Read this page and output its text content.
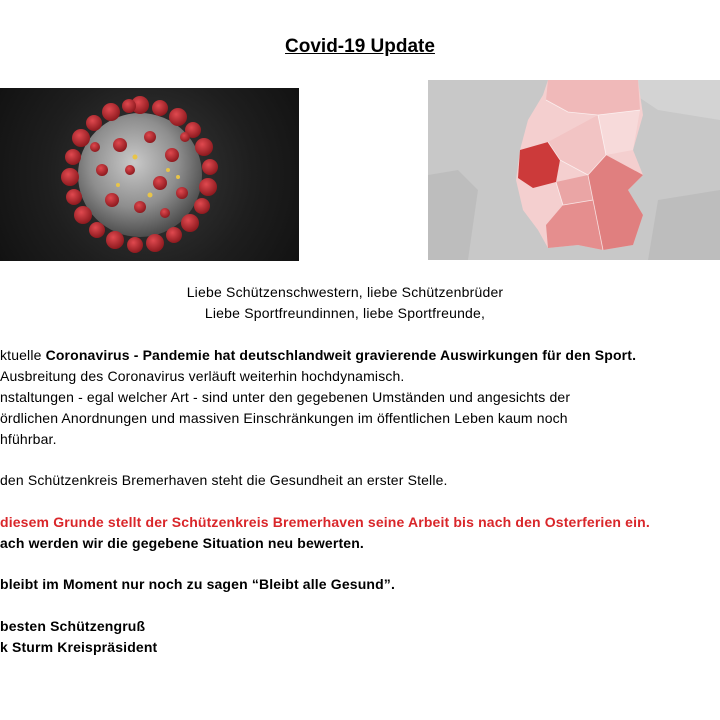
Covid-19 Update
Liebe Schützenschwestern, liebe Schützenbrüder
Liebe Sportfreundinnen, liebe Sportfreunde,
ktuelle Coronavirus - Pandemie hat deutschlandweit gravierende Auswirkungen für den Sport.
Ausbreitung des Coronavirus verläuft weiterhin hochdynamisch.
nstaltungen - egal welcher Art - sind unter den gegebenen Umständen und angesichts der
ördlichen Anordnungen und massiven Einschränkungen im öffentlichen Leben kaum noch
hführbar.
den Schützenkreis Bremerhaven steht die Gesundheit an erster Stelle.
diesem Grunde stellt der Schützenkreis Bremerhaven seine Arbeit bis nach den Osterferien ein.
ach werden wir die gegebene Situation neu bewerten.
bleibt im Moment nur noch zu sagen “Bleibt alle Gesund”.
besten Schützengruß
k Sturm Kreispräsident
